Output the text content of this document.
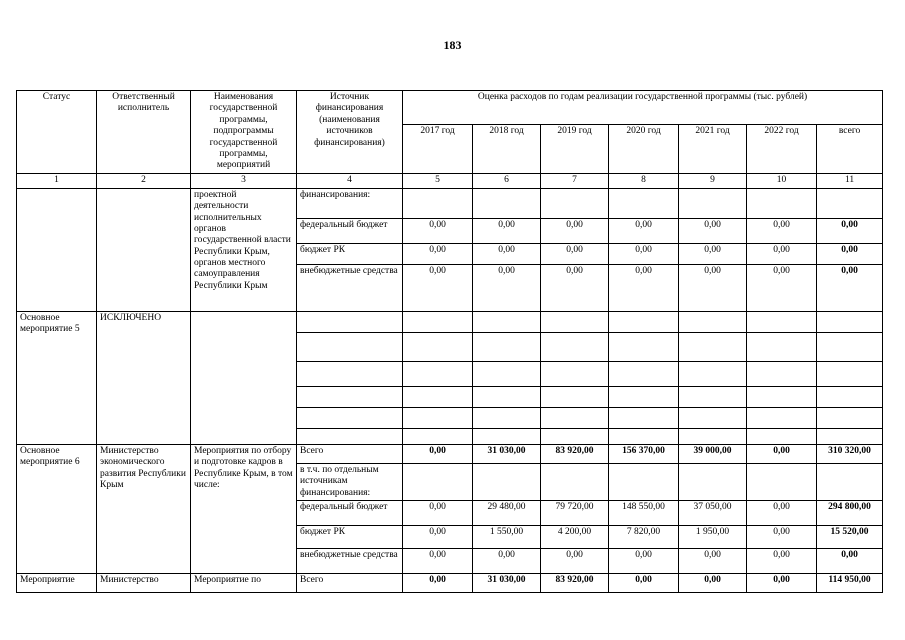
183
Статус	Ответственный исполнитель	Наименования государственной программы, подпрограммы государственной программы, мероприятий	Источник финансирования (наименования источников финансирования)	Оценка расходов по годам реализации государственной программы (тыс. рублей)						
				2017 год	2018 год	2019 год	2020 год	2021 год	2022 год	всего
1	2	3	4	5	6	7	8	9	10	11
		проектной деятельности исполнительных органов государственной власти Республики Крым, органов местного самоуправления Республики Крым	финансирования:							
			федеральный бюджет	0,00	0,00	0,00	0,00	0,00	0,00	0,00
			бюджет РК	0,00	0,00	0,00	0,00	0,00	0,00	0,00
			внебюджетные средства	0,00	0,00	0,00	0,00	0,00	0,00	0,00
Основное мероприятие 5	ИСКЛЮЧЕНО									

Основное мероприятие 6	Министерство экономического развития Республики Крым	Мероприятия по отбору и подготовке кадров в Республике Крым, в том числе:	Всего	0,00	31 030,00	83 920,00	156 370,00	39 000,00	0,00	310 320,00
			в т.ч. по отдельным источникам финансирования:							
			федеральный бюджет	0,00	29 480,00	79 720,00	148 550,00	37 050,00	0,00	294 800,00
			бюджет РК	0,00	1 550,00	4 200,00	7 820,00	1 950,00	0,00	15 520,00
			внебюджетные средства	0,00	0,00	0,00	0,00	0,00	0,00	0,00
Мероприятие	Министерство	Мероприятие по	Всего	0,00	31 030,00	83 920,00	0,00	0,00	0,00	114 950,00
